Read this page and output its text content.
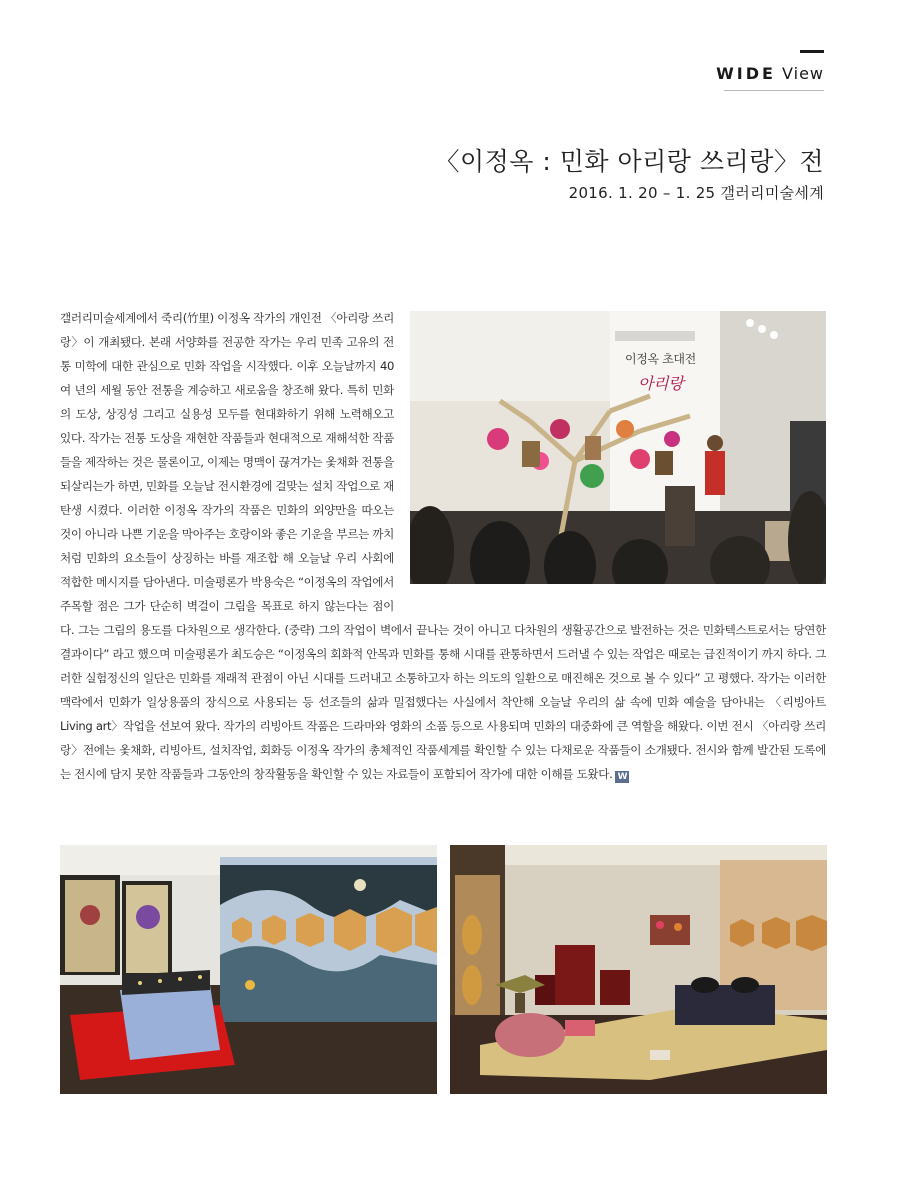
WIDE View
〈이정옥 : 민화 아리랑 쓰리랑〉전
2016. 1. 20 – 1. 25 갤러리미술세계
이정옥 초대전
아리랑
갤러리미술세계에서 죽리(竹里) 이정옥 작가의 개인전 〈아리랑 쓰리랑〉이 개최됐다. 본래 서양화를 전공한 작가는 우리 민족 고유의 전통 미학에 대한 관심으로 민화 작업을 시작했다. 이후 오늘날까지 40여 년의 세월 동안 전통을 계승하고 새로움을 창조해 왔다. 특히 민화의 도상, 상징성 그리고 실용성 모두를 현대화하기 위해 노력해오고 있다. 작가는 전통 도상을 재현한 작품들과 현대적으로 재해석한 작품들을 제작하는 것은 물론이고, 이제는 명맥이 끊겨가는 옻채화 전통을 되살리는가 하면, 민화를 오늘날 전시환경에 걸맞는 설치 작업으로 재탄생 시켰다. 이러한 이정옥 작가의 작품은 민화의 외양만을 따오는 것이 아니라 나쁜 기운을 막아주는 호랑이와 좋은 기운을 부르는 까치처럼 민화의 요소들이 상징하는 바를 재조합 해 오늘날 우리 사회에 적합한 메시지를 담아낸다. 미술평론가 박용숙은 “이정옥의 작업에서 주목할 점은 그가 단순히 벽걸이 그림을 목표로 하지 않는다는 점이다. 그는 그림의 용도를 다차원으로 생각한다. (중략) 그의 작업이 벽에서 끝나는 것이 아니고 다차원의 생활공간으로 발전하는 것은 민화텍스트로서는 당연한 결과이다” 라고 했으며 미술평론가 최도승은 “이정옥의 회화적 안목과 민화를 통해 시대를 관통하면서 드러낼 수 있는 작업은 때로는 급진적이기 까지 하다. 그러한 실험정신의 일단은 민화를 재래적 관점이 아닌 시대를 드러내고 소통하고자 하는 의도의 일환으로 매진해온 것으로 볼 수 있다” 고 평했다. 작가는 이러한 맥락에서 민화가 일상용품의 장식으로 사용되는 등 선조들의 삶과 밀접했다는 사실에서 착안해 오늘날 우리의 삶 속에 민화 예술을 담아내는 〈리빙아트 Living art〉작업을 선보여 왔다. 작가의 리빙아트 작품은 드라마와 영화의 소품 등으로 사용되며 민화의 대중화에 큰 역할을 해왔다. 이번 전시 〈아리랑 쓰리랑〉전에는 옻채화, 리빙아트, 설치작업, 회화등 이정옥 작가의 총체적인 작품세계를 확인할 수 있는 다채로운 작품들이 소개됐다. 전시와 함께 발간된 도록에는 전시에 담지 못한 작품들과 그동안의 창작활동을 확인할 수 있는 자료들이 포함되어 작가에 대한 이해를 도왔다. W
